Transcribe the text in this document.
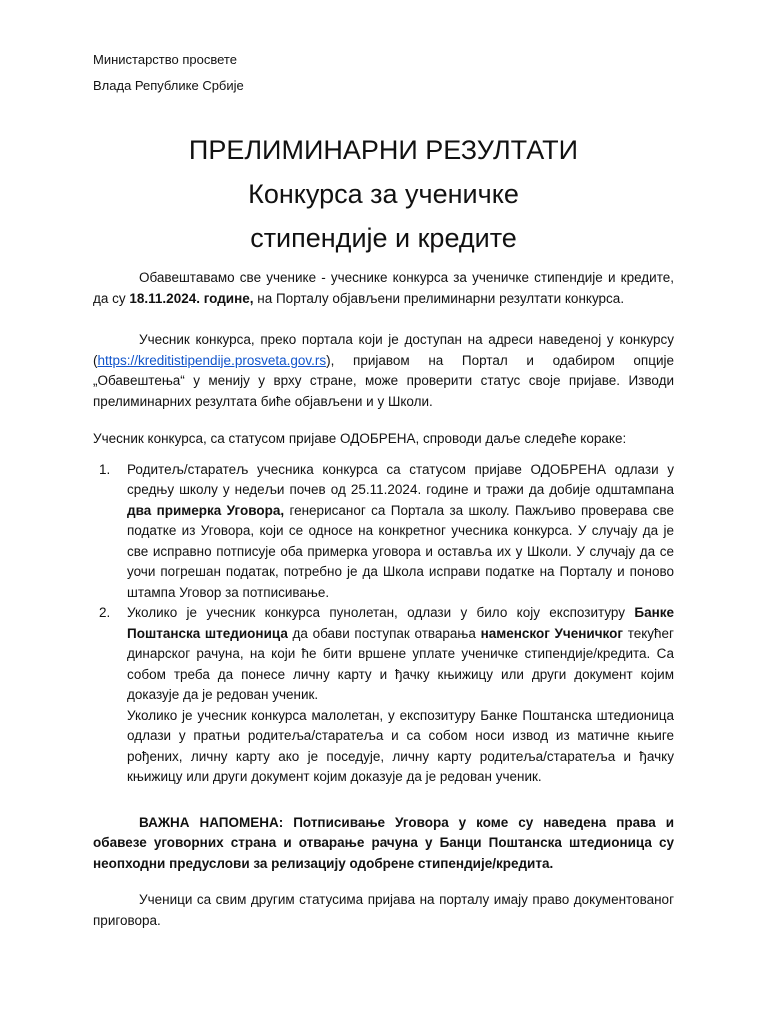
Министарство просвете
Влада Републике Србије
ПРЕЛИМИНАРНИ РЕЗУЛТАТИ
Конкурса за ученичке
стипендије и кредите

Обавештавамо све ученике - учеснике конкурса за ученичке стипендије и кредите, да су 18.11.2024. године, на Порталу објављени прелиминарни резултати конкурса.

Учесник конкурса, преко портала који је доступан на адреси наведеној у конкурсу (https://kreditistipendije.prosveta.gov.rs), пријавом на Портал и одабиром опције „Обавештења“ у менију у врху стране, може проверити статус своје пријаве. Изводи прелиминарних резултата биће објављени и у Школи.

Учесник конкурса, са статусом пријаве ОДОБРЕНА, спроводи даље следеће кораке:

1. Родитељ/старатељ учесника конкурса са статусом пријаве ОДОБРЕНА одлази у средњу школу у недељи почев од 25.11.2024. године и тражи да добије одштампана два примерка Уговора, генерисаног са Портала за школу. Пажљиво проверава све податке из Уговора, који се односе на конкретног учесника конкурса. У случају да је све исправно потписује оба примерка уговора и оставља их у Школи. У случају да се уочи погрешан податак, потребно је да Школа исправи податке на Порталу и поново штампа Уговор за потписивање.
2. Уколико је учесник конкурса пунолетан, одлази у било коју експозитуру Банке Поштанска штедионица да обави поступак отварања наменског Ученичког текућег динарског рачуна, на који ће бити вршене уплате ученичке стипендије/кредита. Са собом треба да понесе личну карту и ђачку књижицу или други документ којим доказује да је редован ученик.
Уколико је учесник конкурса малолетан, у експозитуру Банке Поштанска штедионица одлази у пратњи родитеља/старатеља и са собом носи извод из матичне књиге рођених, личну карту ако је поседује, личну карту родитеља/старатеља и ђачку књижицу или други документ којим доказује да је редован ученик.

ВАЖНА НАПОМЕНА: Потписивање Уговора у коме су наведена права и обавезе уговорних страна и отварање рачуна у Банци Поштанска штедионица су неопходни предуслови за релизацију одобрене стипендије/кредита.

Ученици са свим другим статусима пријава на порталу имају право документованог приговора.
